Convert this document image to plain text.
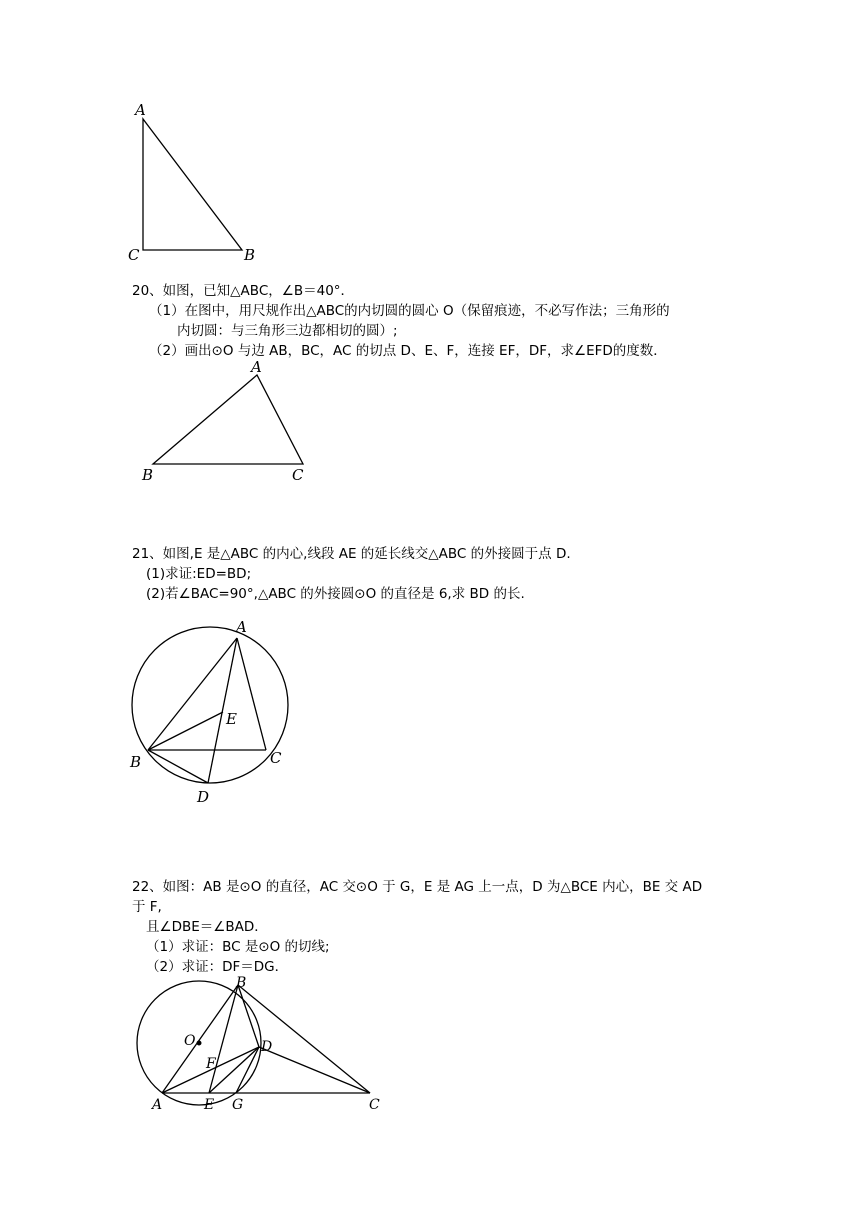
A
C	B
20、如图，已知△ABC，∠B＝40°．
（1）在图中，用尺规作出△ABC的内切圆的圆心 O（保留痕迹，不必写作法；三角形的
内切圆：与三角形三边都相切的圆）;
（2）画出⊙O 与边 AB，BC，AC 的切点 D、E、F，连接 EF，DF，求∠EFD的度数．
A
B	C
21、如图,E 是△ABC 的内心,线段 AE 的延长线交△ABC 的外接圆于点 D.
(1)求证:ED=BD;
(2)若∠BAC=90°,△ABC 的外接圆⊙O 的直径是 6,求 BD 的长.
A
E
B	C
D
22、如图：AB 是⊙O 的直径，AC 交⊙O 于 G，E 是 AG 上一点，D 为△BCE 内心，BE 交 AD
于 F,
且∠DBE＝∠BAD．
（1）求证：BC 是⊙O 的切线;
（2）求证：DF＝DG．
B
O	D
F
A	E G	C
